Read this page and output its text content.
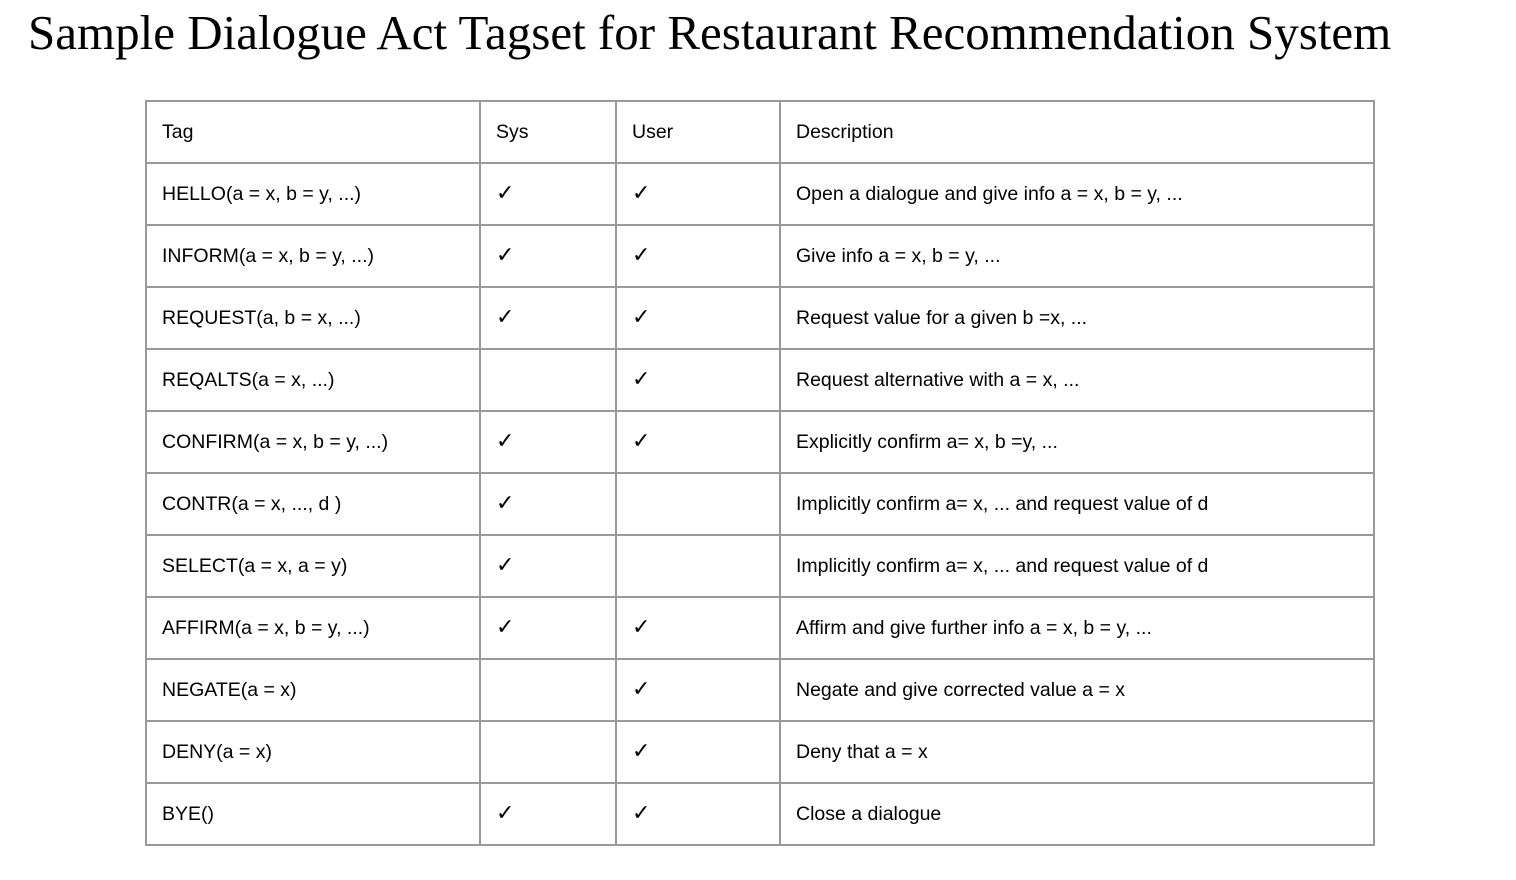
Sample Dialogue Act Tagset for Restaurant Recommendation System
Tag	Sys	User	Description
HELLO(a = x, b = y, ...)	✓	✓	Open a dialogue and give info a = x, b = y, ...
INFORM(a = x, b = y, ...)	✓	✓	Give info a = x, b = y, ...
REQUEST(a, b = x, ...)	✓	✓	Request value for a given b =x, ...
REQALTS(a = x, ...)		✓	Request alternative with a = x, ...
CONFIRM(a = x, b = y, ...)	✓	✓	Explicitly confirm a= x, b =y, ...
CONTR(a = x, ..., d )	✓		Implicitly confirm a= x, ... and request value of d
SELECT(a = x, a = y)	✓		Implicitly confirm a= x, ... and request value of d
AFFIRM(a = x, b = y, ...)	✓	✓	Affirm and give further info a = x, b = y, ...
NEGATE(a = x)		✓	Negate and give corrected value a = x
DENY(a = x)		✓	Deny that a = x
BYE()	✓	✓	Close a dialogue
